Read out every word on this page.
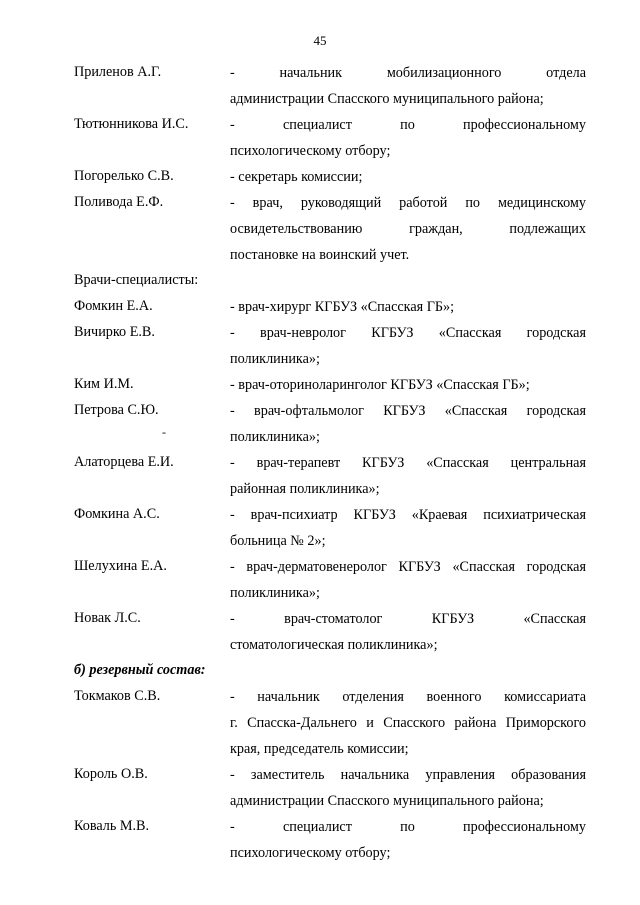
45
Приленов А.Г.	- начальник мобилизационного отдела
администрации Спасского муниципального района;
Тютюнникова И.С.	- специалист по профессиональному
психологическому отбору;
Погорелько С.В.	- секретарь комиссии;
Поливода Е.Ф.	- врач, руководящий работой по медицинскому
освидетельствованию граждан, подлежащих
постановке на воинский учет.
Врачи-специалисты:
Фомкин Е.А.	- врач-хирург КГБУЗ «Спасская ГБ»;
Вичирко Е.В.	- врач-невролог КГБУЗ «Спасская городская
поликлиника»;
Ким И.М.	- врач-оториноларинголог КГБУЗ «Спасская ГБ»;
Петрова С.Ю.	- врач-офтальмолог КГБУЗ «Спасская городская
поликлиника»;
Алаторцева Е.И.	- врач-терапевт КГБУЗ «Спасская центральная
районная поликлиника»;
Фомкина А.С.	- врач-психиатр КГБУЗ «Краевая психиатрическая
больница № 2»;
Шелухина Е.А.	- врач-дерматовенеролог КГБУЗ «Спасская городская
поликлиника»;
Новак Л.С.	- врач-стоматолог КГБУЗ «Спасская
стоматологическая поликлиника»;
б) резервный состав:
Токмаков С.В.	- начальник отделения военного комиссариата
г. Спасска-Дальнего и Спасского района Приморского
края, председатель комиссии;
Король О.В.	- заместитель начальника управления образования
администрации Спасского муниципального района;
Коваль М.В.	- специалист по профессиональному
психологическому отбору;
-
